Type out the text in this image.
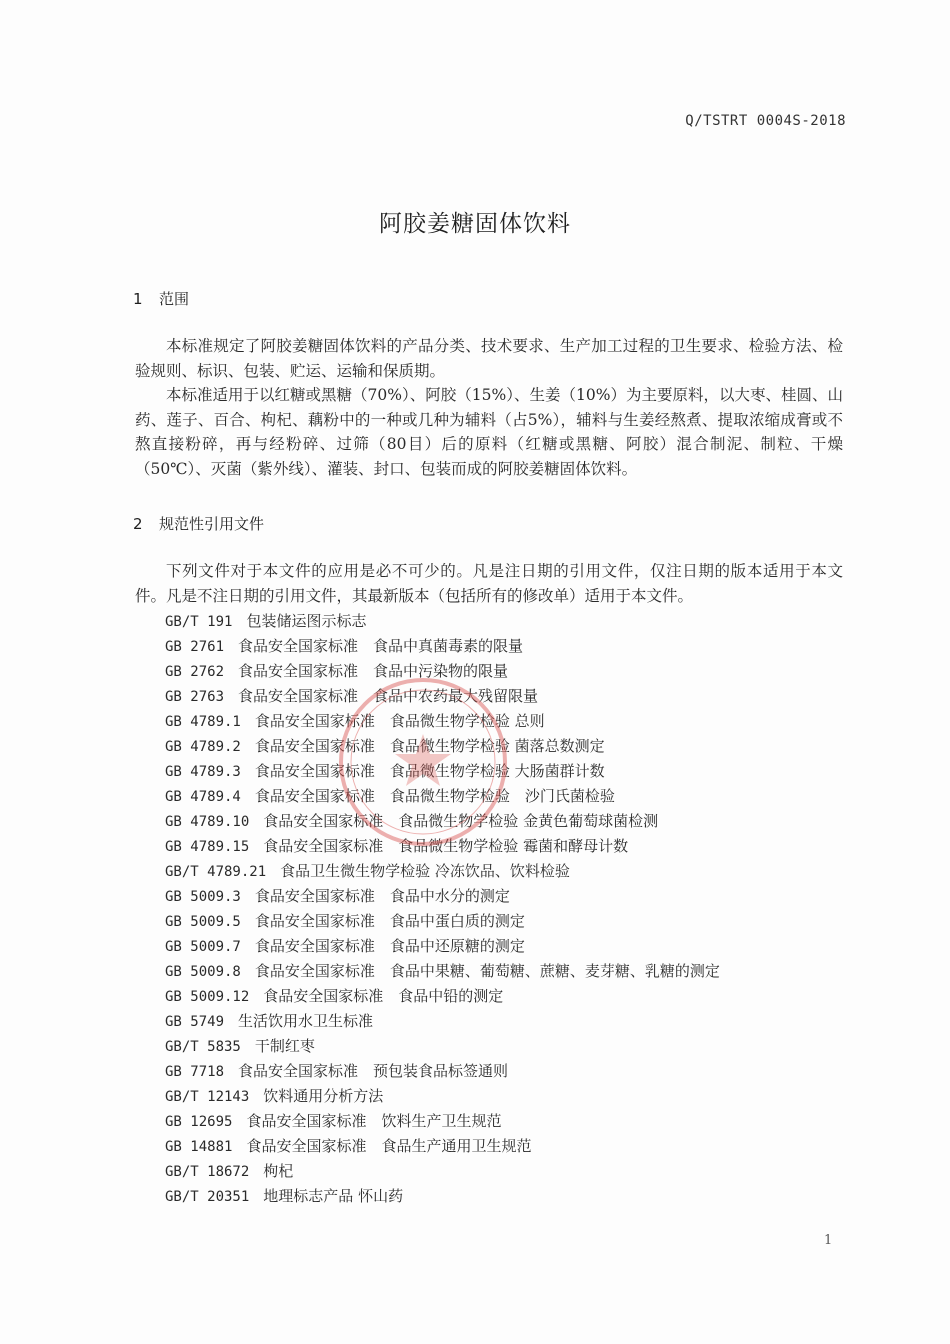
Q/TSTRT 0004S-2018
阿胶姜糖固体饮料
1 范围

本标准规定了阿胶姜糖固体饮料的产品分类、技术要求、生产加工过程的卫生要求、检验方法、检验规则、标识、包装、贮运、运输和保质期。

本标准适用于以红糖或黑糖（70%）、阿胶（15%）、生姜（10%）为主要原料，以大枣、桂圆、山药、莲子、百合、枸杞、藕粉中的一种或几种为辅料（占5%），辅料与生姜经熬煮、提取浓缩成膏或不熬直接粉碎，再与经粉碎、过筛（80目）后的原料（红糖或黑糖、阿胶）混合制泥、制粒、干燥（50℃）、灭菌（紫外线）、灌装、封口、包装而成的阿胶姜糖固体饮料。

2 规范性引用文件

下列文件对于本文件的应用是必不可少的。凡是注日期的引用文件，仅注日期的版本适用于本文件。凡是不注日期的引用文件，其最新版本（包括所有的修改单）适用于本文件。

GB/T 191 包装储运图示标志
GB 2761 食品安全国家标准　食品中真菌毒素的限量
GB 2762 食品安全国家标准　食品中污染物的限量
GB 2763 食品安全国家标准　食品中农药最大残留限量
GB 4789.1 食品安全国家标准　食品微生物学检验 总则
GB 4789.2 食品安全国家标准　食品微生物学检验 菌落总数测定
GB 4789.3 食品安全国家标准　食品微生物学检验 大肠菌群计数
GB 4789.4 食品安全国家标准　食品微生物学检验　沙门氏菌检验
GB 4789.10 食品安全国家标准　食品微生物学检验 金黄色葡萄球菌检测
GB 4789.15 食品安全国家标准　食品微生物学检验 霉菌和酵母计数
GB/T 4789.21 食品卫生微生物学检验 冷冻饮品、饮料检验
GB 5009.3 食品安全国家标准　食品中水分的测定
GB 5009.5 食品安全国家标准　食品中蛋白质的测定
GB 5009.7 食品安全国家标准　食品中还原糖的测定
GB 5009.8 食品安全国家标准　食品中果糖、葡萄糖、蔗糖、麦芽糖、乳糖的测定
GB 5009.12 食品安全国家标准　食品中铅的测定
GB 5749 生活饮用水卫生标准
GB/T 5835 干制红枣
GB 7718 食品安全国家标准　预包装食品标签通则
GB/T 12143 饮料通用分析方法
GB 12695 食品安全国家标准　饮料生产卫生规范
GB 14881 食品安全国家标准　食品生产通用卫生规范
GB/T 18672 枸杞
GB/T 20351 地理标志产品 怀山药
1
